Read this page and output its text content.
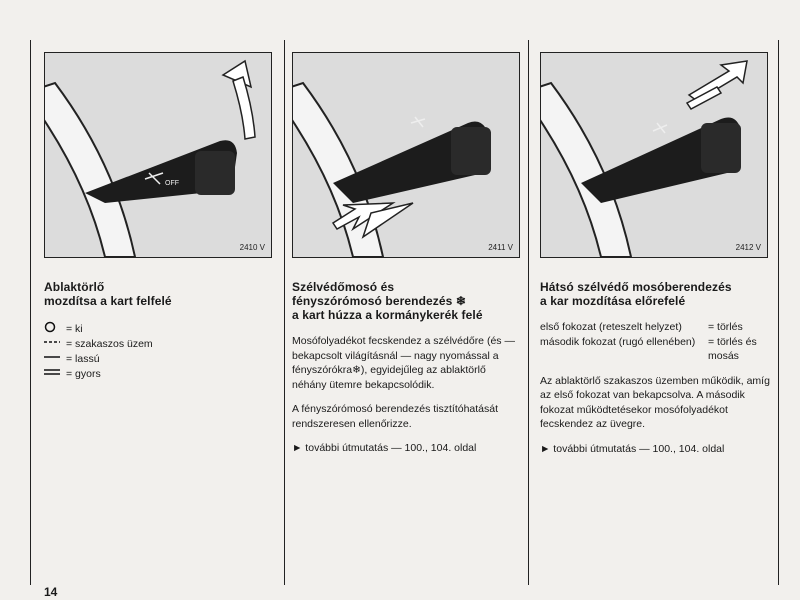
OFF
2410 V
Ablaktörlő
mozdítsa a kart felfelé
= ki
= szakaszos üzem
= lassú
= gyors
2411 V
Szélvédőmosó és
fényszórómosó berendezés ❄
a kart húzza a kormánykerék felé

Mosófolyadékot fecskendez a szélvédőre (és — bekapcsolt világításnál — nagy nyomással a fényszórókra❄), egyidejűleg az ablaktörlő néhány ütemre bekapcsolódik.

A fényszórómosó berendezés tisztítóhatását rendszeresen ellenőrizze.

► további útmutatás — 100., 104. oldal
2412 V
Hátsó szélvédő mosóberendezés
a kar mozdítása előrefelé
első fokozat (reteszelt helyzet)	= törlés
második fokozat (rugó ellenében)	= törlés és mosás

Az ablaktörlő szakaszos üzemben működik, amíg az első fokozat van bekapcsolva. A második fokozat működtetésekor mosófolyadékot fecskendez az üvegre.

► további útmutatás — 100., 104. oldal
14
